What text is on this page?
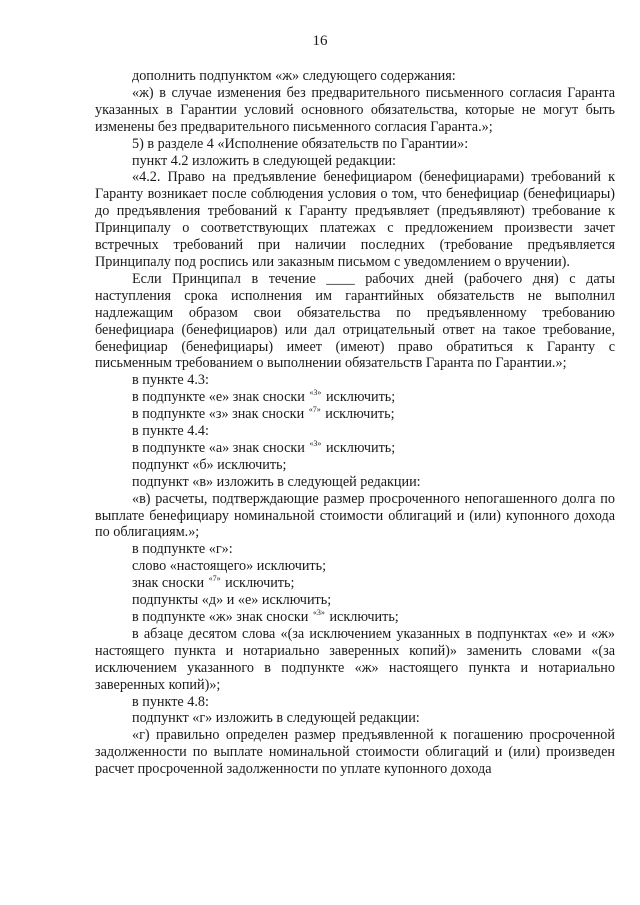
16

дополнить подпунктом «ж» следующего содержания:

«ж) в случае изменения без предварительного письменного согласия Гаранта указанных в Гарантии условий основного обязательства, которые не могут быть изменены без предварительного письменного согласия Гаранта.»;

5) в разделе 4 «Исполнение обязательств по Гарантии»:

пункт 4.2 изложить в следующей редакции:

«4.2. Право на предъявление бенефициаром (бенефициарами) требований к Гаранту возникает после соблюдения условия о том, что бенефициар (бенефициары) до предъявления требований к Гаранту предъявляет (предъявляют) требование к Принципалу о соответствующих платежах с предложением произвести зачет встречных требований при наличии последних (требование предъявляется Принципалу под роспись или заказным письмом с уведомлением о вручении).

Если Принципал в течение ____ рабочих дней (рабочего дня) с даты наступления срока исполнения им гарантийных обязательств не выполнил надлежащим образом свои обязательства по предъявленному требованию бенефициара (бенефициаров) или дал отрицательный ответ на такое требование, бенефициар (бенефициары) имеет (имеют) право обратиться к Гаранту с письменным требованием о выполнении обязательств Гаранта по Гарантии.»;

в пункте 4.3:

в подпункте «е» знак сноски $^{«3»}$ исключить;

в подпункте «з» знак сноски $^{«7»}$ исключить;

в пункте 4.4:

в подпункте «а» знак сноски $^{«3»}$ исключить;

подпункт «б» исключить;

подпункт «в» изложить в следующей редакции:

«в) расчеты, подтверждающие размер просроченного непогашенного долга по выплате бенефициару номинальной стоимости облигаций и (или) купонного дохода по облигациям.»;

в подпункте «г»:

слово «настоящего» исключить;

знак сноски $^{«7»}$ исключить;

подпункты «д» и «е» исключить;

в подпункте «ж» знак сноски $^{«3»}$ исключить;

в абзаце десятом слова «(за исключением указанных в подпунктах «е» и «ж» настоящего пункта и нотариально заверенных копий)» заменить словами «(за исключением указанного в подпункте «ж» настоящего пункта и нотариально заверенных копий)»;

в пункте 4.8:

подпункт «г» изложить в следующей редакции:

«г) правильно определен размер предъявленной к погашению просроченной задолженности по выплате номинальной стоимости облигаций и (или) произведен расчет просроченной задолженности по уплате купонного дохода
